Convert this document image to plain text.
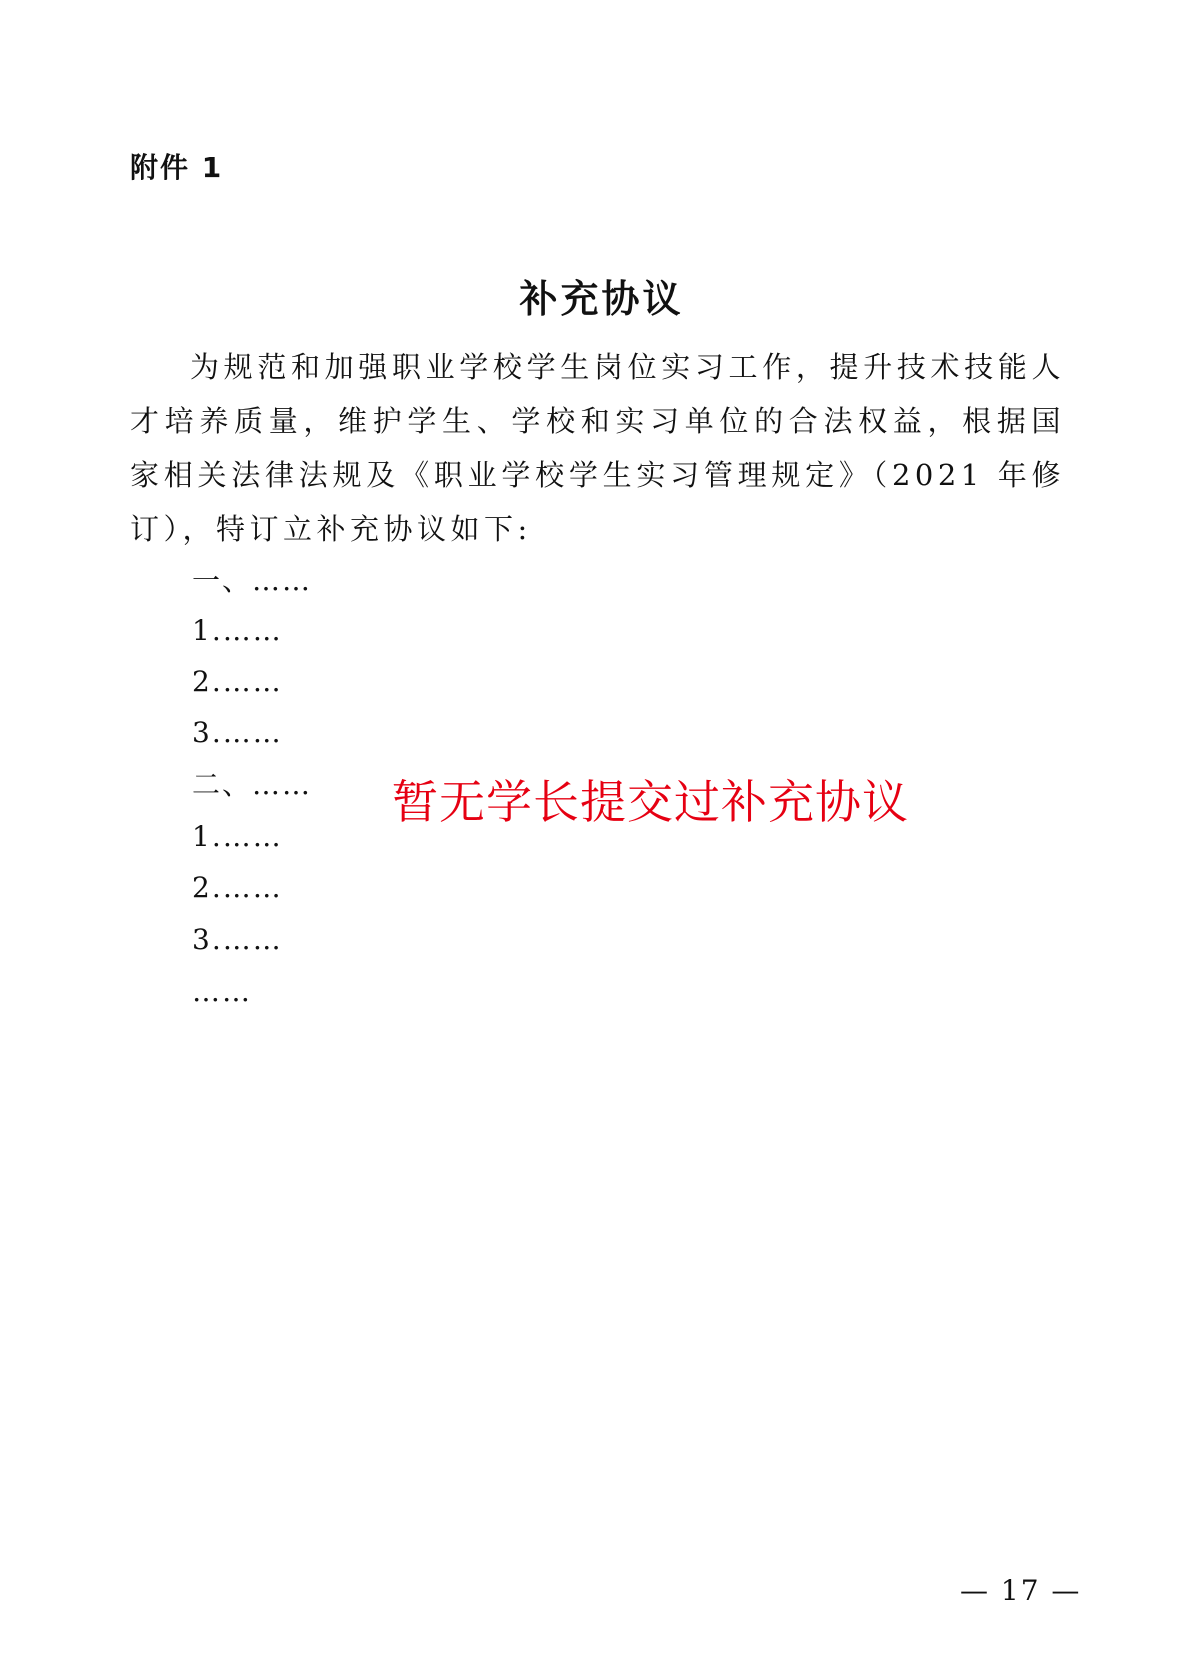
附件 1
补充协议

为规范和加强职业学校学生岗位实习工作，提升技术技能人才培养质量，维护学生、学校和实习单位的合法权益，根据国家相关法律法规及《职业学校学生实习管理规定》（2021 年修订），特订立补充协议如下:

一、……
1.……
2.……
3.……
二、……
1.……
2.……
3.……
……
暂无学长提交过补充协议
— 17 —
